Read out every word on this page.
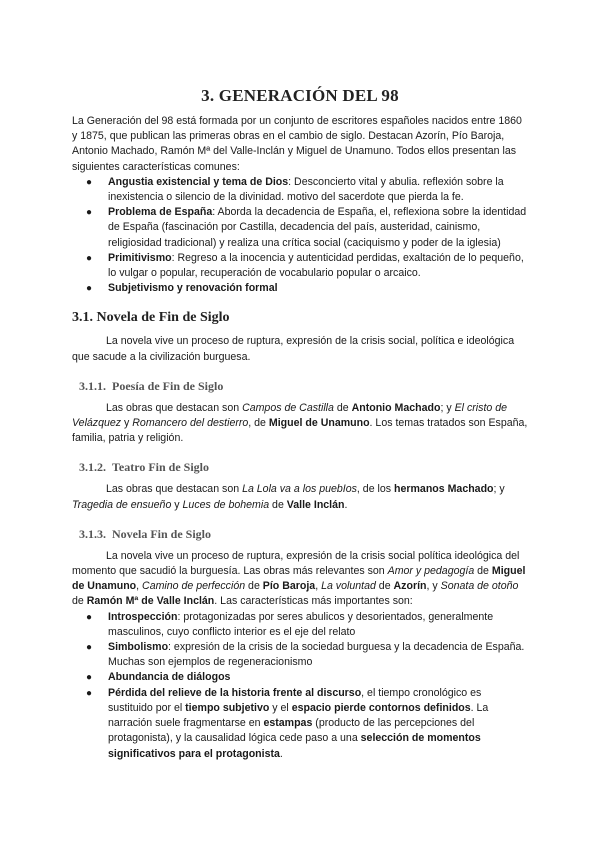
3. GENERACIÓN DEL 98

La Generación del 98 está formada por un conjunto de escritores españoles nacidos entre 1860 y 1875, que publican las primeras obras en el cambio de siglo. Destacan Azorín, Pío Baroja, Antonio Machado, Ramón Mª del Valle-Inclán y Miguel de Unamuno. Todos ellos presentan las siguientes características comunes:

● Angustia existencial y tema de Dios: Desconcierto vital y abulia. reflexión sobre la inexistencia o silencio de la divinidad. motivo del sacerdote que pierda la fe.
● Problema de España: Aborda la decadencia de España, el, reflexiona sobre la identidad de España (fascinación por Castilla, decadencia del país, austeridad, cainismo, religiosidad tradicional) y realiza una crítica social (caciquismo y poder de la iglesia)
● Primitivismo: Regreso a la inocencia y autenticidad perdidas, exaltación de lo pequeño, lo vulgar o popular, recuperación de vocabulario popular o arcaico.
● Subjetivismo y renovación formal
3.1. Novela de Fin de Siglo

La novela vive un proceso de ruptura, expresión de la crisis social, política e ideológica que sacude a la civilización burguesa.

3.1.1. Poesía de Fin de Siglo

Las obras que destacan son Campos de Castilla de Antonio Machado; y El cristo de Velázquez y Romancero del destierro, de Miguel de Unamuno. Los temas tratados son España, familia, patria y religión.

3.1.2. Teatro Fin de Siglo

Las obras que destacan son La Lola va a los puebIos, de los hermanos Machado; y Tragedia de ensueño y Luces de bohemia de Valle Inclán.

3.1.3. Novela Fin de Siglo

La novela vive un proceso de ruptura, expresión de la crisis social política ideológica del momento que sacudió la burguesía. Las obras más relevantes son Amor y pedagogía de Miguel de Unamuno, Camino de perfección de Pío Baroja, La voluntad de Azorín, y Sonata de otoño de Ramón Mª de Valle Inclán. Las características más importantes son:

● Introspección: protagonizadas por seres abulicos y desorientados, generalmente masculinos, cuyo conflicto interior es el eje del relato
● Simbolismo: expresión de la crisis de la sociedad burguesa y la decadencia de España. Muchas son ejemplos de regeneracionismo
● Abundancia de diálogos
● Pérdida del relieve de la historia frente al discurso, el tiempo cronológico es sustituido por el tiempo subjetivo y el espacio pierde contornos definidos. La narración suele fragmentarse en estampas (producto de las percepciones del protagonista), y la causalidad lógica cede paso a una selección de momentos significativos para el protagonista.
